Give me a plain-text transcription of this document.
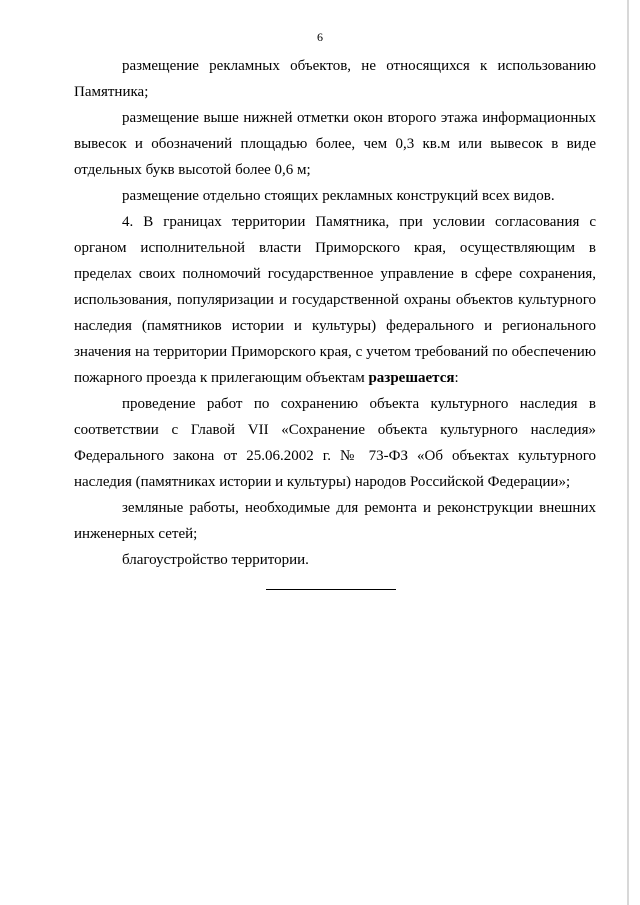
6

размещение рекламных объектов, не относящихся к использованию Памятника;

размещение выше нижней отметки окон второго этажа информационных вывесок и обозначений площадью более, чем 0,3 кв.м или вывесок в виде отдельных букв высотой более 0,6 м;

размещение отдельно стоящих рекламных конструкций всех видов.

4. В границах территории Памятника, при условии согласования с органом исполнительной власти Приморского края, осуществляющим в пределах своих полномочий государственное управление в сфере сохранения, использования, популяризации и государственной охраны объектов культурного наследия (памятников истории и культуры) федерального и регионального значения на территории Приморского края, с учетом требований по обеспечению пожарного проезда к прилегающим объектам разрешается:

проведение работ по сохранению объекта культурного наследия в соответствии с Главой VII «Сохранение объекта культурного наследия» Федерального закона от 25.06.2002 г. № 73-ФЗ «Об объектах культурного наследия (памятниках истории и культуры) народов Российской Федерации»;

земляные работы, необходимые для ремонта и реконструкции внешних инженерных сетей;

благоустройство территории.
